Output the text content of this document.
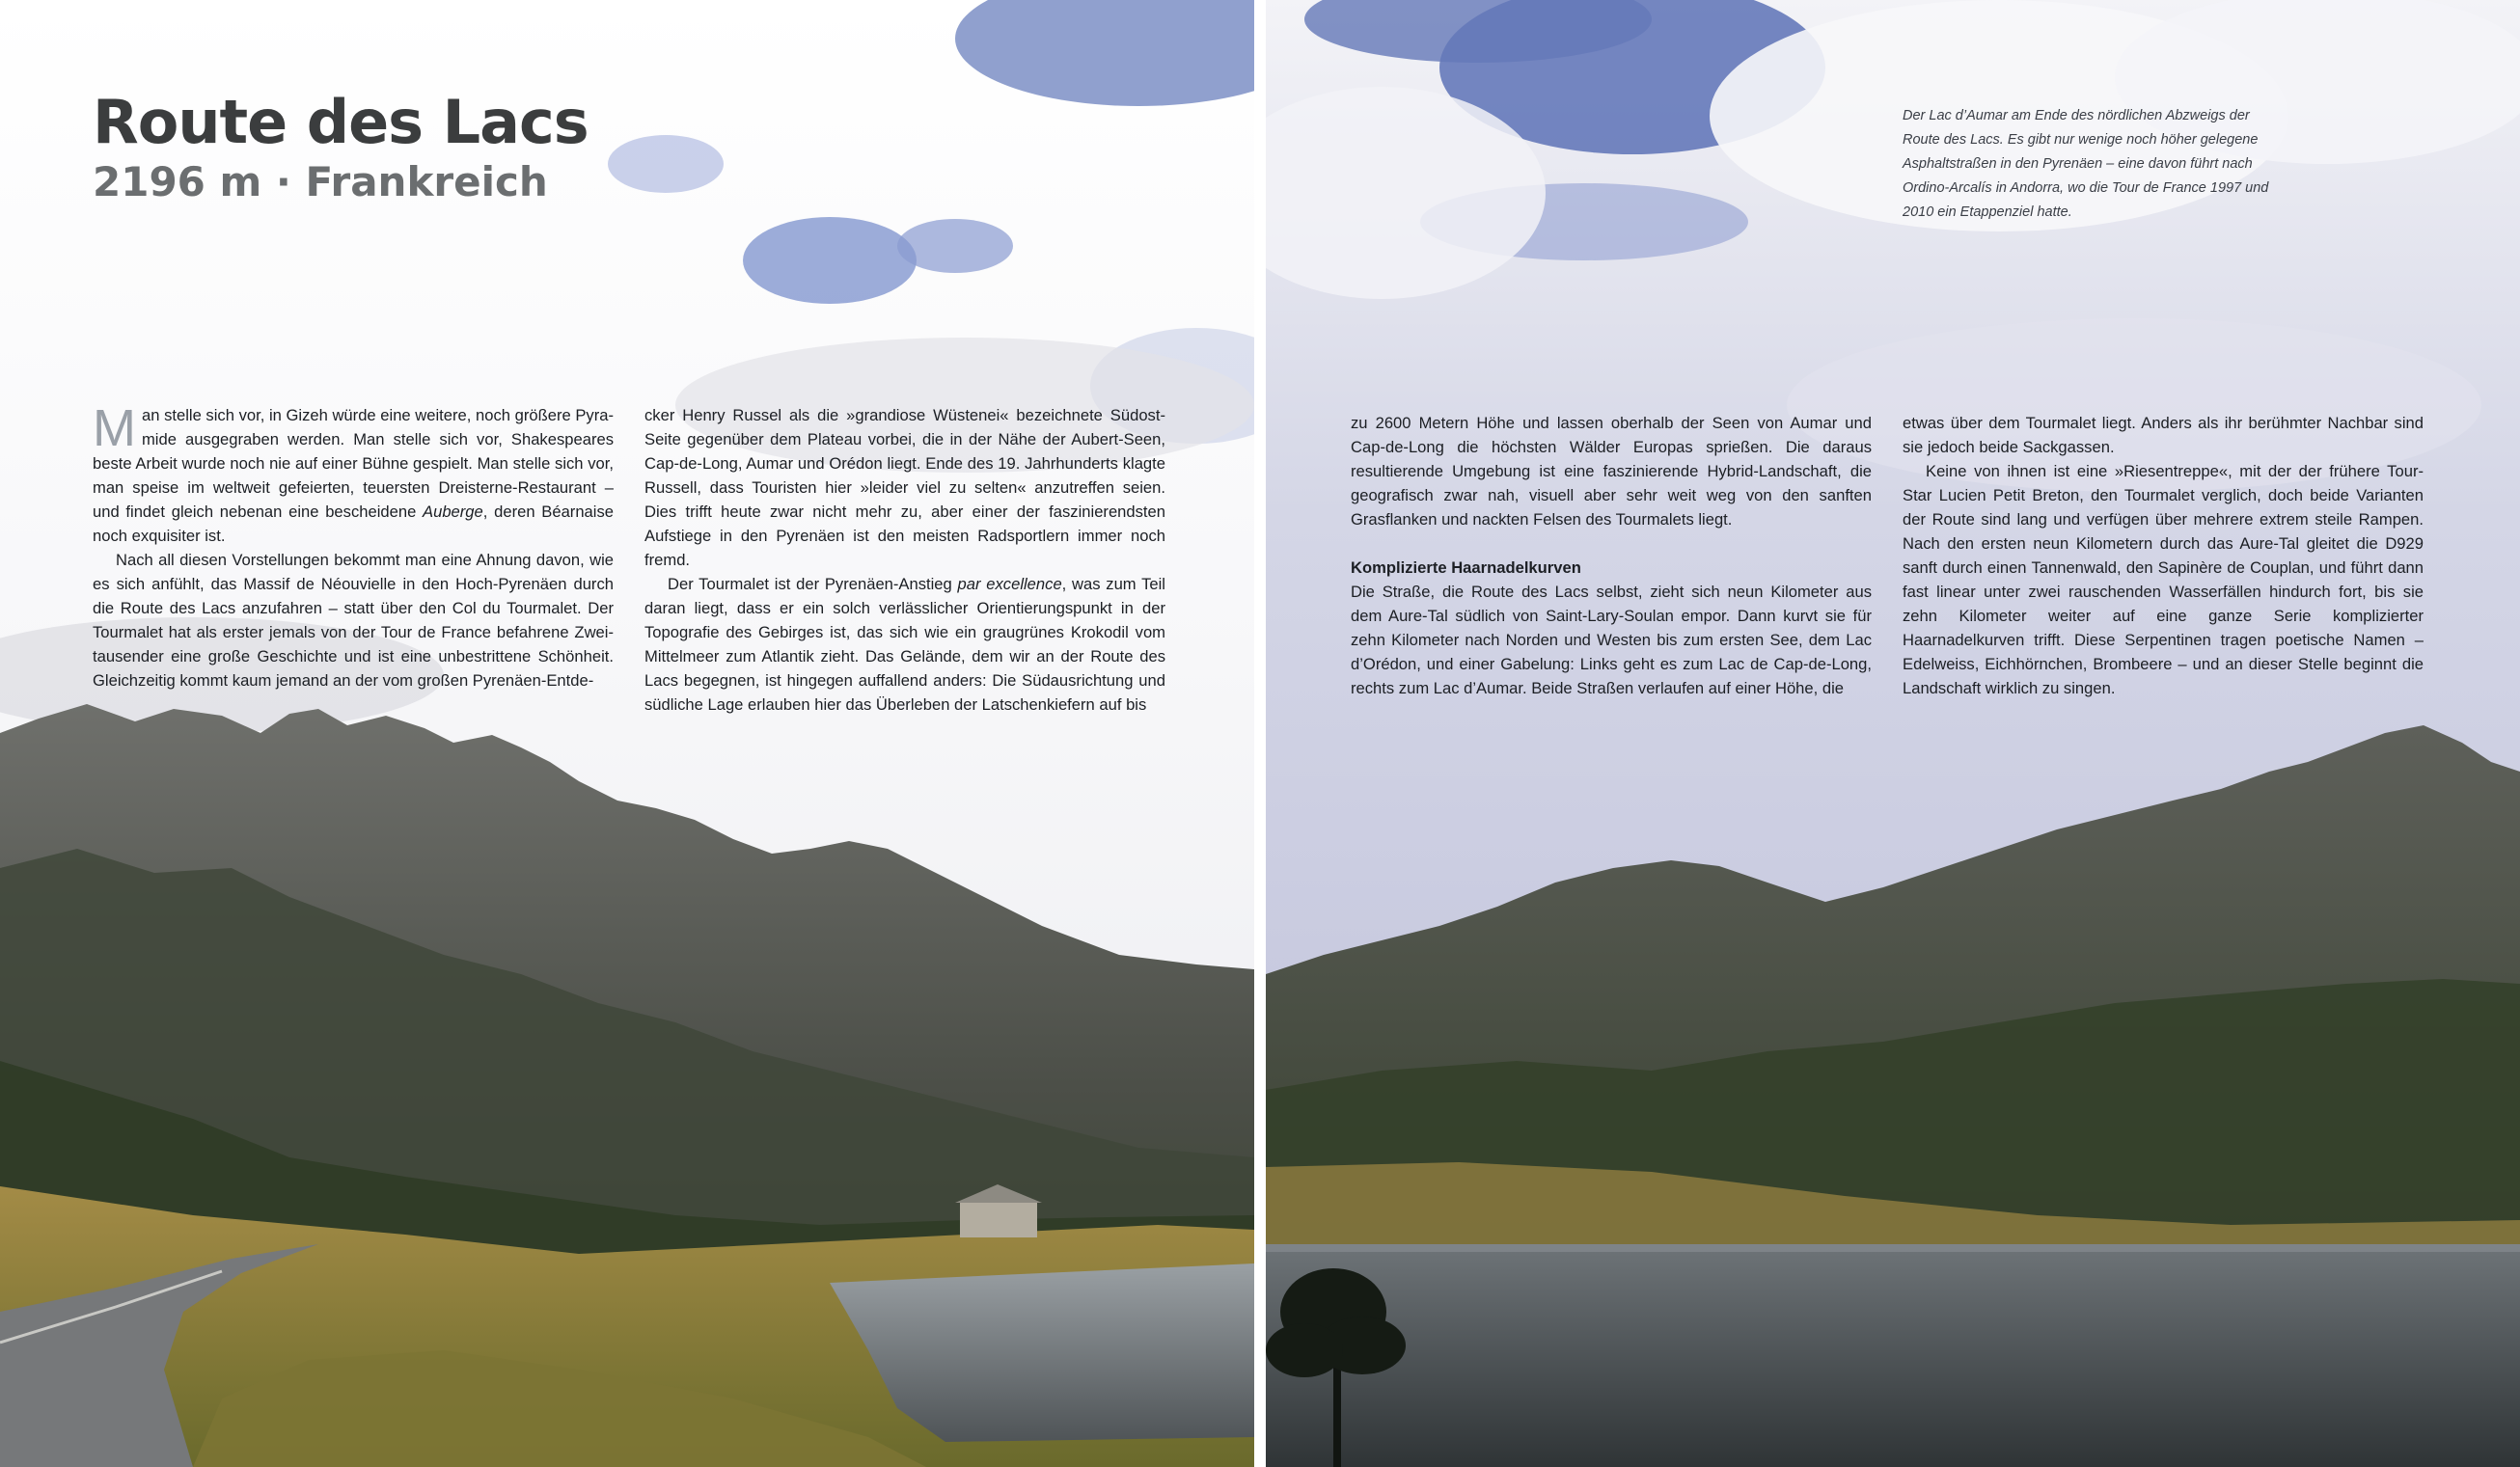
Route des Lacs
2196 m · Frankreich

Man stelle sich vor, in Gizeh würde eine weitere, noch größere Pyramide ausgegraben werden. Man stelle sich vor, Shakespeares beste Arbeit wurde noch nie auf einer Bühne gespielt. Man stelle sich vor, man speise im weltweit gefeierten, teuersten Dreisterne-Restaurant – und findet gleich nebenan eine bescheidene Auberge, deren Béarnaise noch exquisiter ist.

Nach all diesen Vorstellungen bekommt man eine Ahnung davon, wie es sich anfühlt, das Massif de Néouvielle in den Hoch-Pyrenäen durch die Route des Lacs anzufahren – statt über den Col du Tourmalet. Der Tourmalet hat als erster jemals von der Tour de France befahrene Zweitausender eine große Geschichte und ist eine unbestrittene Schönheit. Gleichzeitig kommt kaum jemand an der vom großen Pyrenäen-Entde-

cker Henry Russel als die »grandiose Wüstenei« bezeichnete Südost-Seite gegenüber dem Plateau vorbei, die in der Nähe der Aubert-Seen, Cap-de-Long, Aumar und Orédon liegt. Ende des 19. Jahrhunderts klagte Russell, dass Touristen hier »leider viel zu selten« anzutreffen seien. Dies trifft heute zwar nicht mehr zu, aber einer der faszinierendsten Aufstiege in den Pyrenäen ist den meisten Radsportlern immer noch fremd.

Der Tourmalet ist der Pyrenäen-Anstieg par excellence, was zum Teil daran liegt, dass er ein solch verlässlicher Orientierungspunkt in der Topografie des Gebirges ist, das sich wie ein graugrünes Krokodil vom Mittelmeer zum Atlantik zieht. Das Gelände, dem wir an der Route des Lacs begegnen, ist hingegen auffallend anders: Die Südausrichtung und südliche Lage erlauben hier das Überleben der Latschenkiefern auf bis

Der Lac d’Aumar am Ende des nördlichen Abzweigs der Route des Lacs. Es gibt nur wenige noch höher gelegene Asphaltstraßen in den Pyrenäen – eine davon führt nach Ordino-Arcalís in Andorra, wo die Tour de France 1997 und 2010 ein Etappenziel hatte.

zu 2600 Metern Höhe und lassen oberhalb der Seen von Aumar und Cap-de-Long die höchsten Wälder Europas sprießen. Die daraus resultierende Umgebung ist eine faszinierende Hybrid-Landschaft, die geografisch zwar nah, visuell aber sehr weit weg von den sanften Grasflanken und nackten Felsen des Tourmalets liegt.

Komplizierte Haarnadelkurven

Die Straße, die Route des Lacs selbst, zieht sich neun Kilometer aus dem Aure-Tal südlich von Saint-Lary-Soulan empor. Dann kurvt sie für zehn Kilometer nach Norden und Westen bis zum ersten See, dem Lac d’Orédon, und einer Gabelung: Links geht es zum Lac de Cap-de-Long, rechts zum Lac d’Aumar. Beide Straßen verlaufen auf einer Höhe, die

etwas über dem Tourmalet liegt. Anders als ihr berühmter Nachbar sind sie jedoch beide Sackgassen.

Keine von ihnen ist eine »Riesentreppe«, mit der der frühere Tour-Star Lucien Petit Breton, den Tourmalet verglich, doch beide Varianten der Route sind lang und verfügen über mehrere extrem steile Rampen. Nach den ersten neun Kilometern durch das Aure-Tal gleitet die D929 sanft durch einen Tannenwald, den Sapinère de Couplan, und führt dann fast linear unter zwei rauschenden Wasserfällen hindurch fort, bis sie zehn Kilometer weiter auf eine ganze Serie komplizierter Haarnadelkurven trifft. Diese Serpentinen tragen poetische Namen – Edelweiss, Eichhörnchen, Brombeere – und an dieser Stelle beginnt die Landschaft wirklich zu singen.
